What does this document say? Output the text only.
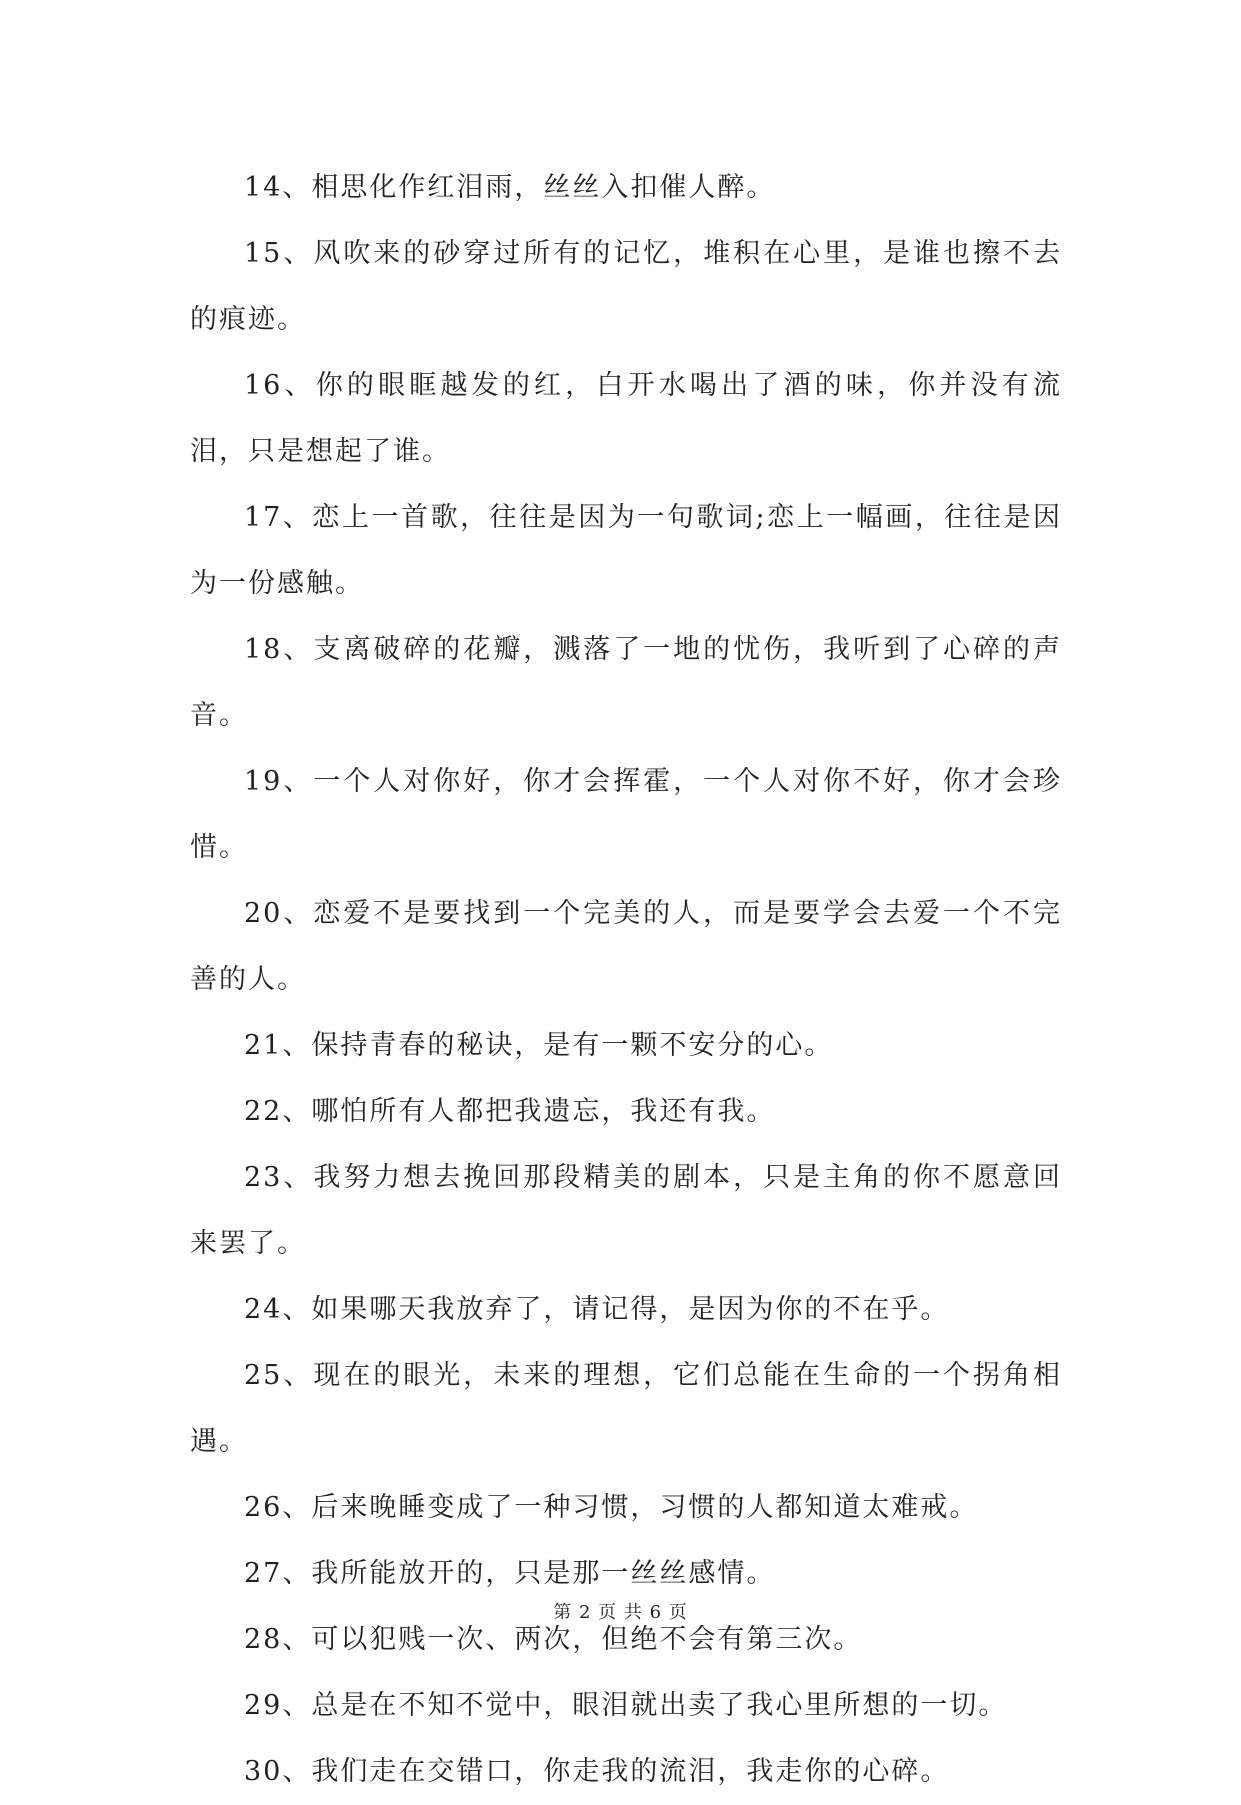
14、相思化作红泪雨，丝丝入扣催人醉。

15、风吹来的砂穿过所有的记忆，堆积在心里，是谁也擦不去的痕迹。

16、你的眼眶越发的红，白开水喝出了酒的味，你并没有流泪，只是想起了谁。

17、恋上一首歌，往往是因为一句歌词;恋上一幅画，往往是因为一份感触。

18、支离破碎的花瓣，溅落了一地的忧伤，我听到了心碎的声音。

19、一个人对你好，你才会挥霍，一个人对你不好，你才会珍惜。

20、恋爱不是要找到一个完美的人，而是要学会去爱一个不完善的人。

21、保持青春的秘诀，是有一颗不安分的心。

22、哪怕所有人都把我遗忘，我还有我。

23、我努力想去挽回那段精美的剧本，只是主角的你不愿意回来罢了。

24、如果哪天我放弃了，请记得，是因为你的不在乎。

25、现在的眼光，未来的理想，它们总能在生命的一个拐角相遇。

26、后来晚睡变成了一种习惯，习惯的人都知道太难戒。

27、我所能放开的，只是那一丝丝感情。

28、可以犯贱一次、两次，但绝不会有第三次。

29、总是在不知不觉中，眼泪就出卖了我心里所想的一切。

30、我们走在交错口，你走我的流泪，我走你的心碎。

第 2 页 共 6 页
